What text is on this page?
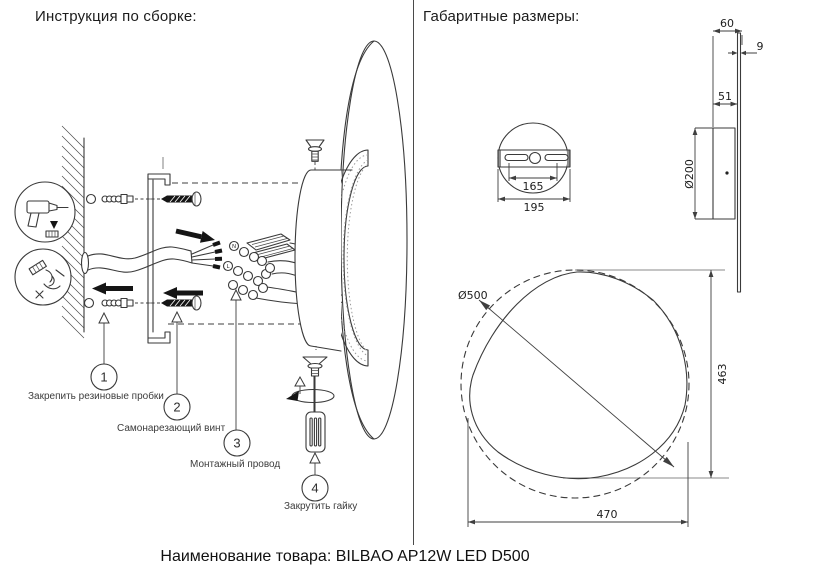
Инструкция по сборке:	Габаритные размеры:
N
L
1
Закрепить резиновые пробки
2
Самонарезающий винт
3
Монтажный провод
4
Закрутить гайку
165
195
60
9
51
Ø200
463
Ø500
470
Наименование товара: BILBAO AP12W LED D500
